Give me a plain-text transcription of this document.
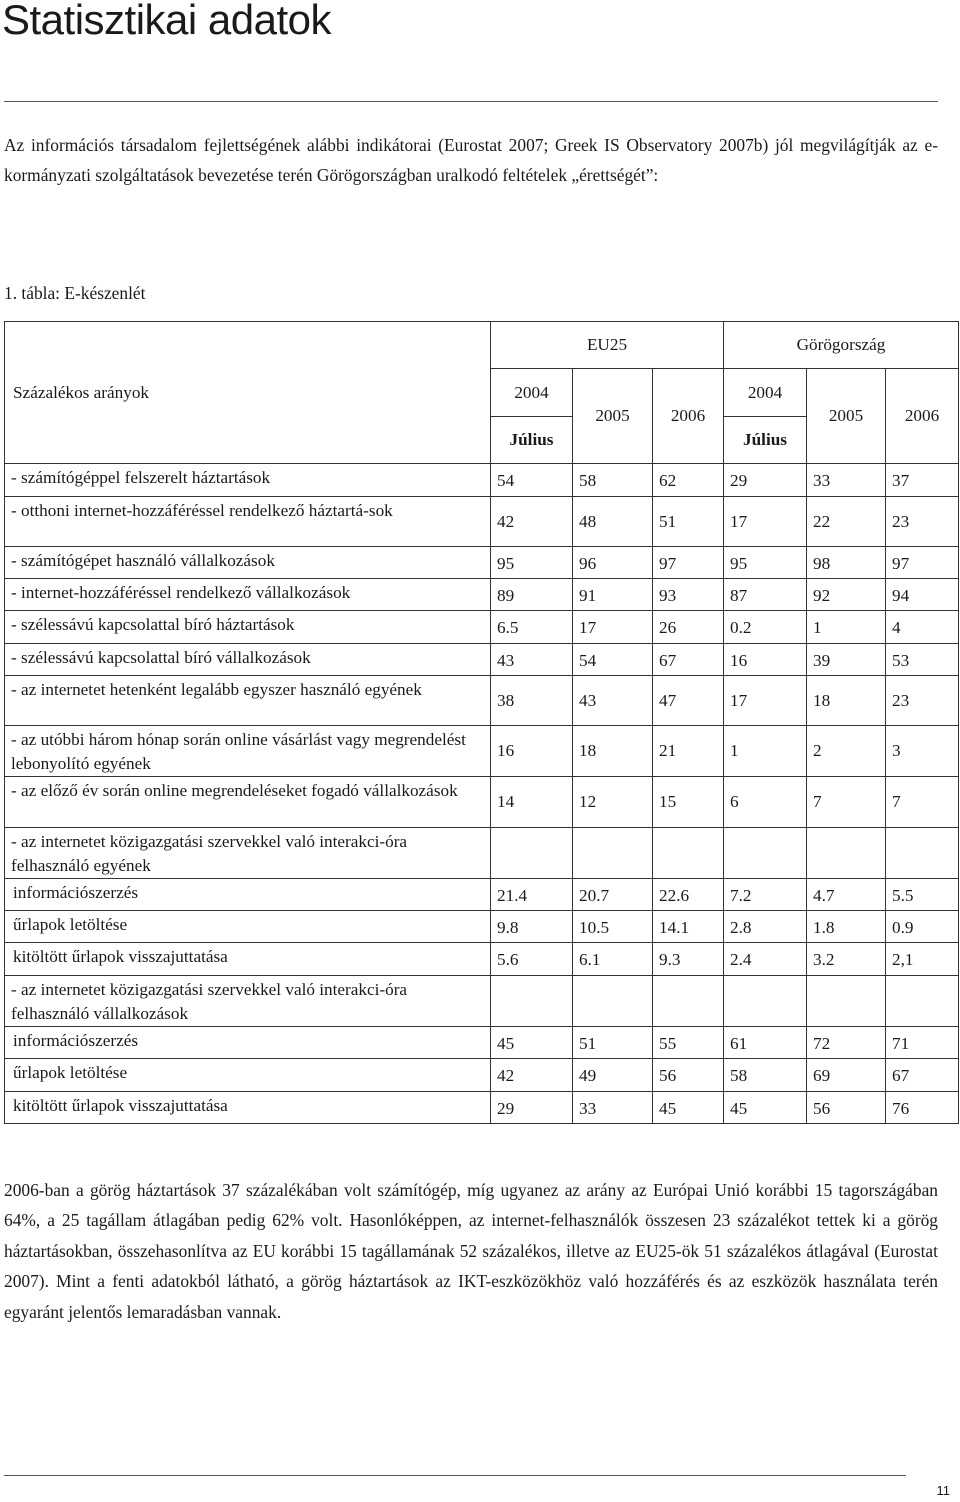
Statisztikai adatok

Az információs társadalom fejlettségének alábbi indikátorai (Eurostat 2007; Greek IS Observatory 2007b) jól megvilágítják az e-kormányzati szolgáltatások bevezetése terén Görögországban uralkodó feltételek „érettségét”:

1. tábla: E-készenlét

Százalékos arányok	EU25			Görögország		
	2004	2005	2006	2004	2005	2006
	Július			Július		
- számítógéppel felszerelt háztartások	54	58	62	29	33	37
- otthoni internet-hozzáféréssel rendelkező háztartá-sok	42	48	51	17	22	23
- számítógépet használó vállalkozások	95	96	97	95	98	97
- internet-hozzáféréssel rendelkező vállalkozások	89	91	93	87	92	94
- szélessávú kapcsolattal bíró háztartások	6.5	17	26	0.2	1	4
- szélessávú kapcsolattal bíró vállalkozások	43	54	67	16	39	53
- az internetet hetenként legalább egyszer használó egyének	38	43	47	17	18	23
- az utóbbi három hónap során online vásárlást vagy megrendelést lebonyolító egyének	16	18	21	1	2	3
- az előző év során online megrendeléseket fogadó vállalkozások	14	12	15	6	7	7
- az internetet közigazgatási szervekkel való interakci-óra felhasználó egyének						
információszerzés	21.4	20.7	22.6	7.2	4.7	5.5
űrlapok letöltése	9.8	10.5	14.1	2.8	1.8	0.9
kitöltött űrlapok visszajuttatása	5.6	6.1	9.3	2.4	3.2	2,1
- az internetet közigazgatási szervekkel való interakci-óra felhasználó vállalkozások						
információszerzés	45	51	55	61	72	71
űrlapok letöltése	42	49	56	58	69	67
kitöltött űrlapok visszajuttatása	29	33	45	45	56	76

2006-ban a görög háztartások 37 százalékában volt számítógép, míg ugyanez az arány az Európai Unió korábbi 15 tagországában 64%, a 25 tagállam átlagában pedig 62% volt. Hasonlóképpen, az internet-felhasználók összesen 23 százalékot tettek ki a görög háztartásokban, összehasonlítva az EU korábbi 15 tagállamának 52 százalékos, illetve az EU25-ök 51 százalékos átlagával (Eurostat 2007). Mint a fenti adatokból látható, a görög háztartások az IKT-eszközökhöz való hozzáférés és az eszközök használata terén egyaránt jelentős lemaradásban vannak.

11
